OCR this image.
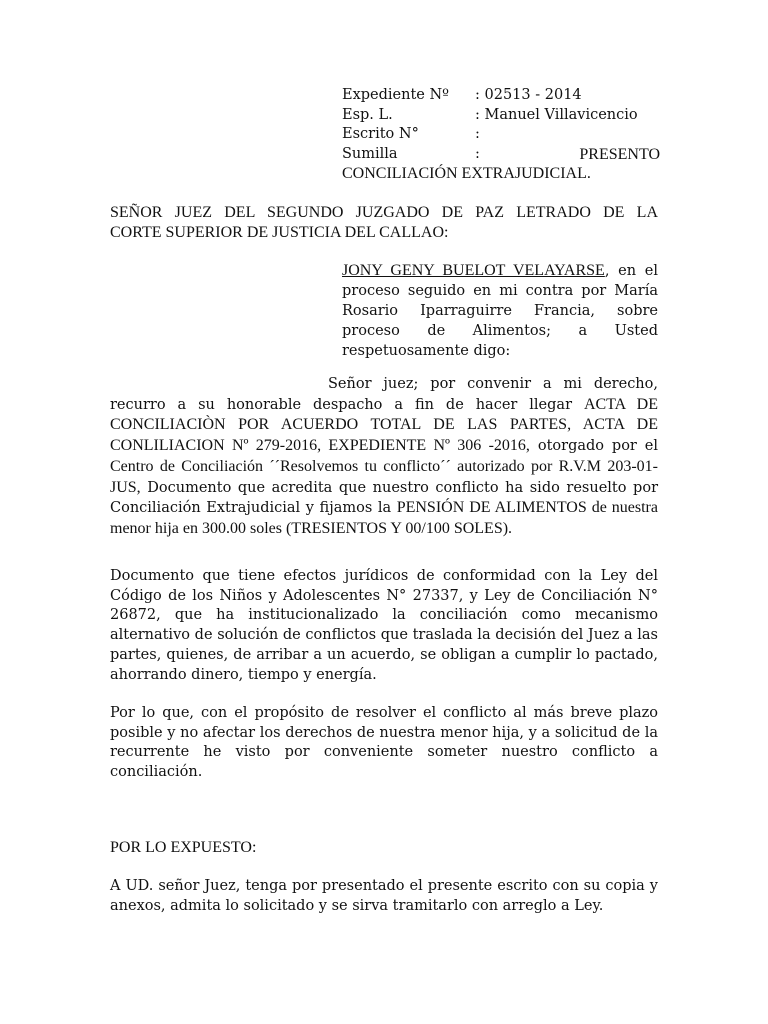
Expediente Nº	: 02513 - 2014
Esp. L.	: Manuel Villavicencio
Escrito N°	:
Sumilla	:	PRESENTO
CONCILIACIÓN EXTRAJUDICIAL.
SEÑOR JUEZ DEL SEGUNDO JUZGADO DE PAZ LETRADO DE LA
CORTE SUPERIOR DE JUSTICIA DEL CALLAO:
JONY GENY BUELOT VELAYARSE, en el proceso seguido en mi contra por María Rosario Iparraguirre Francia, sobre proceso de Alimentos; a Usted respetuosamente digo:
Señor juez; por convenir a mi derecho, recurro a su honorable despacho a fin de hacer llegar ACTA DE CONCILIACIÒN POR ACUERDO TOTAL DE LAS PARTES, ACTA DE CONLILIACION Nº 279-2016, EXPEDIENTE Nº 306 -2016, otorgado por el Centro de Conciliación ´´Resolvemos tu conflicto´´ autorizado por R.V.M 203-01-JUS, Documento que acredita que nuestro conflicto ha sido resuelto por Conciliación Extrajudicial y fijamos la PENSIÓN DE ALIMENTOS de nuestra menor hija en 300.00 soles (TRESIENTOS Y 00/100 SOLES).
Documento que tiene efectos jurídicos de conformidad con la Ley del Código de los Niños y Adolescentes N° 27337, y Ley de Conciliación N° 26872, que ha institucionalizado la conciliación como mecanismo alternativo de solución de conflictos que traslada la decisión del Juez a las partes, quienes, de arribar a un acuerdo, se obligan a cumplir lo pactado, ahorrando dinero, tiempo y energía.
Por lo que, con el propósito de resolver el conflicto al más breve plazo posible y no afectar los derechos de nuestra menor hija, y a solicitud de la recurrente he visto por conveniente someter nuestro conflicto a conciliación.
POR LO EXPUESTO:
A UD. señor Juez, tenga por presentado el presente escrito con su copia y anexos, admita lo solicitado y se sirva tramitarlo con arreglo a Ley.
